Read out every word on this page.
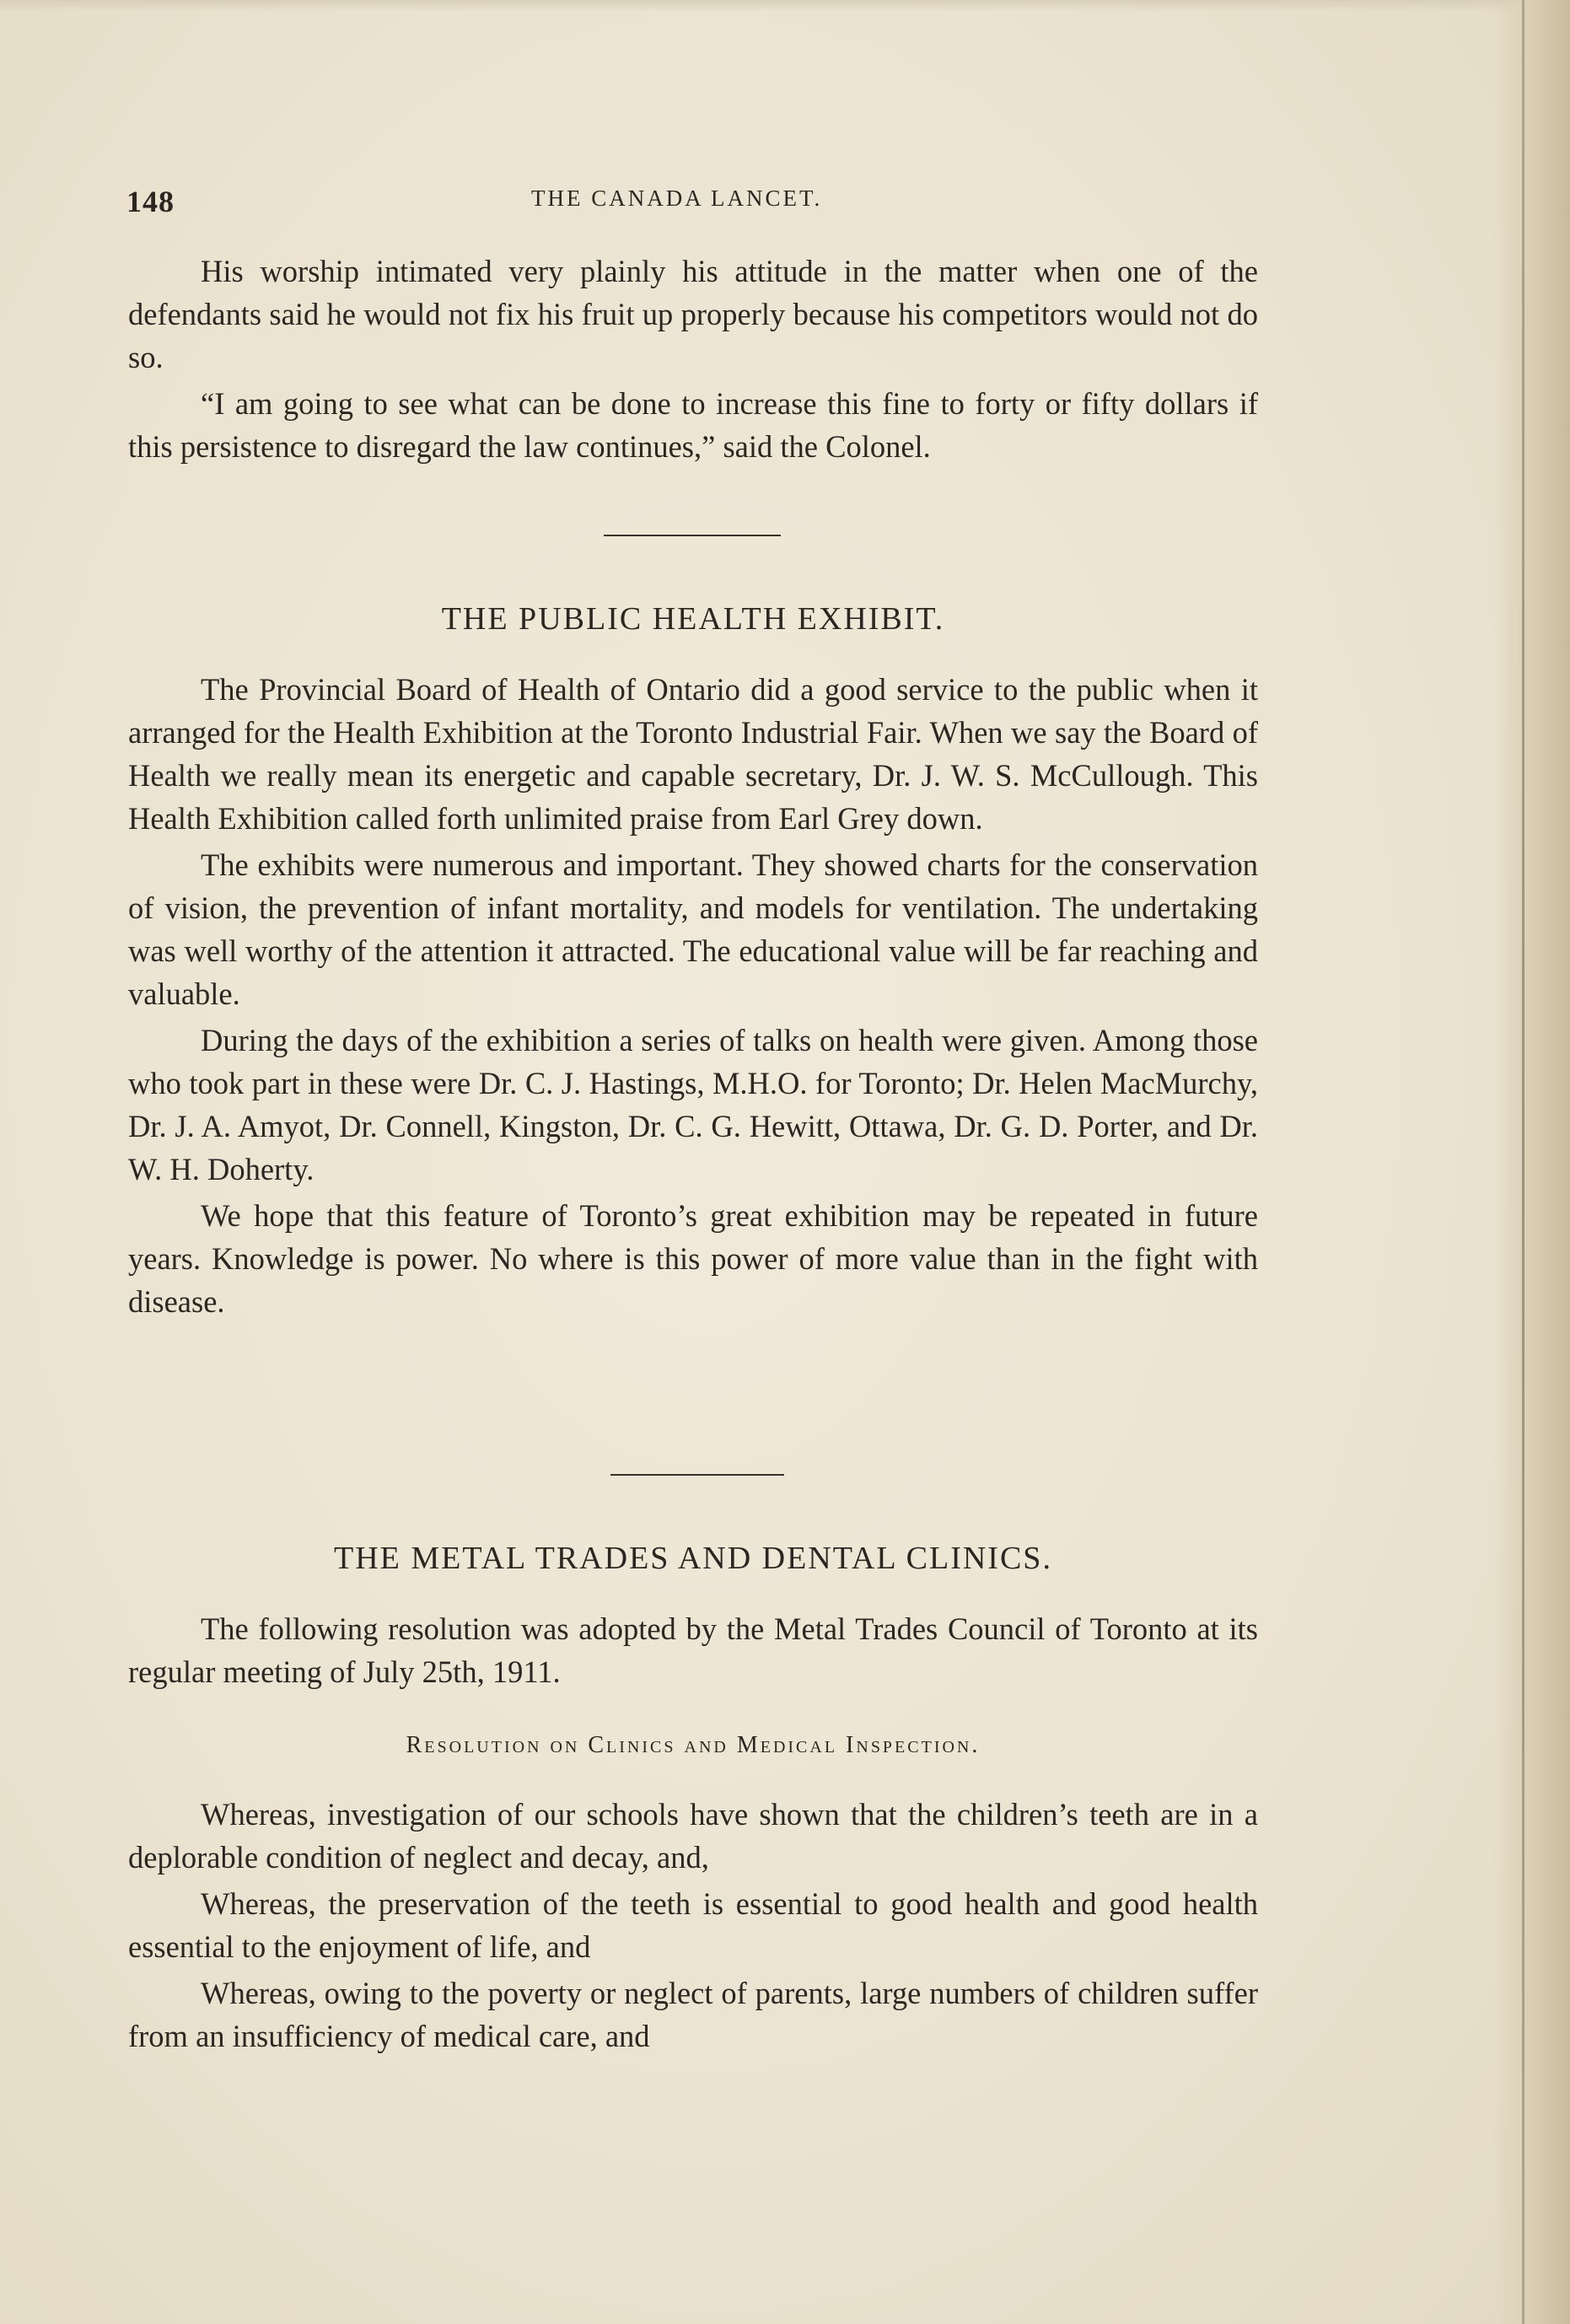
148	THE CANADA LANCET.

His worship intimated very plainly his attitude in the matter when one of the defendants said he would not fix his fruit up properly because his competitors would not do so.

“I am going to see what can be done to increase this fine to forty or fifty dollars if this persistence to disregard the law continues,” said the Colonel.

THE PUBLIC HEALTH EXHIBIT.

The Provincial Board of Health of Ontario did a good service to the public when it arranged for the Health Exhibition at the Toronto Industrial Fair. When we say the Board of Health we really mean its energetic and capable secretary, Dr. J. W. S. McCullough. This Health Exhibition called forth unlimited praise from Earl Grey down.

The exhibits were numerous and important. They showed charts for the conservation of vision, the prevention of infant mortality, and models for ventilation. The undertaking was well worthy of the attention it attracted. The educational value will be far reaching and valuable.

During the days of the exhibition a series of talks on health were given. Among those who took part in these were Dr. C. J. Hastings, M.H.O. for Toronto; Dr. Helen MacMurchy, Dr. J. A. Amyot, Dr. Connell, Kingston, Dr. C. G. Hewitt, Ottawa, Dr. G. D. Porter, and Dr. W. H. Doherty.

We hope that this feature of Toronto’s great exhibition may be repeated in future years. Knowledge is power. No where is this power of more value than in the fight with disease.

THE METAL TRADES AND DENTAL CLINICS.

The following resolution was adopted by the Metal Trades Council of Toronto at its regular meeting of July 25th, 1911.

Resolution on Clinics and Medical Inspection.

Whereas, investigation of our schools have shown that the children’s teeth are in a deplorable condition of neglect and decay, and,

Whereas, the preservation of the teeth is essential to good health and good health essential to the enjoyment of life, and

Whereas, owing to the poverty or neglect of parents, large numbers of children suffer from an insufficiency of medical care, and
